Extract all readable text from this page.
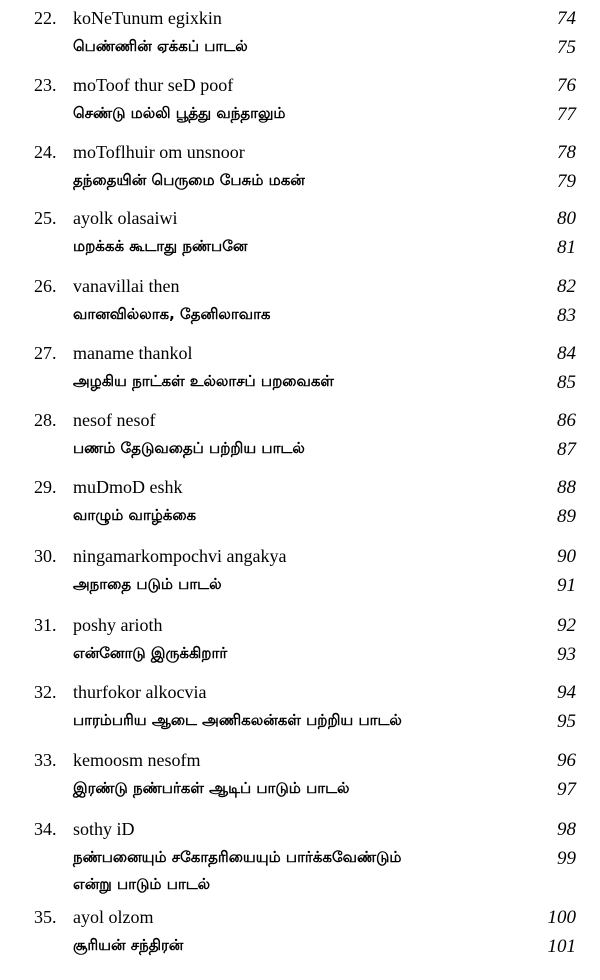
22. koNeTunum egixkin	74
பெண்ணின் ஏக்கப் பாடல்	75
23. moToof thur seD poof	76
செண்டு மல்லி பூத்து வந்தாலும்	77
24. moToflhuir om unsnoor	78
தந்தையின் பெருமை பேசும் மகன்	79
25. ayolk olasaiwi	80
மறக்கக் கூடாது நண்பனே	81
26. vanavillai then	82
வானவில்லாக, தேனிலாவாக	83
27. maname thankol	84
அழகிய நாட்கள் உல்லாசப் பறவைகள்	85
28. nesof nesof	86
பணம் தேடுவதைப் பற்றிய பாடல்	87
29. muDmoD eshk	88
வாழும் வாழ்க்கை	89
30. ningamarkompochvi angakya	90
அநாதை படும் பாடல்	91
31. poshy arioth	92
என்னோடு இருக்கிறார்	93
32. thurfokor alkocvia	94
பாரம்பரிய ஆடை அணிகலன்கள் பற்றிய பாடல்	95
33. kemoosm nesofm	96
இரண்டு நண்பர்கள் ஆடிப் பாடும் பாடல்	97
34. sothy iD	98
நண்பனையும் சகோதரியையும் பார்க்கவேண்டும்	99
என்று பாடும் பாடல்
35. ayol olzom	100
சூரியன் சந்திரன்	101
